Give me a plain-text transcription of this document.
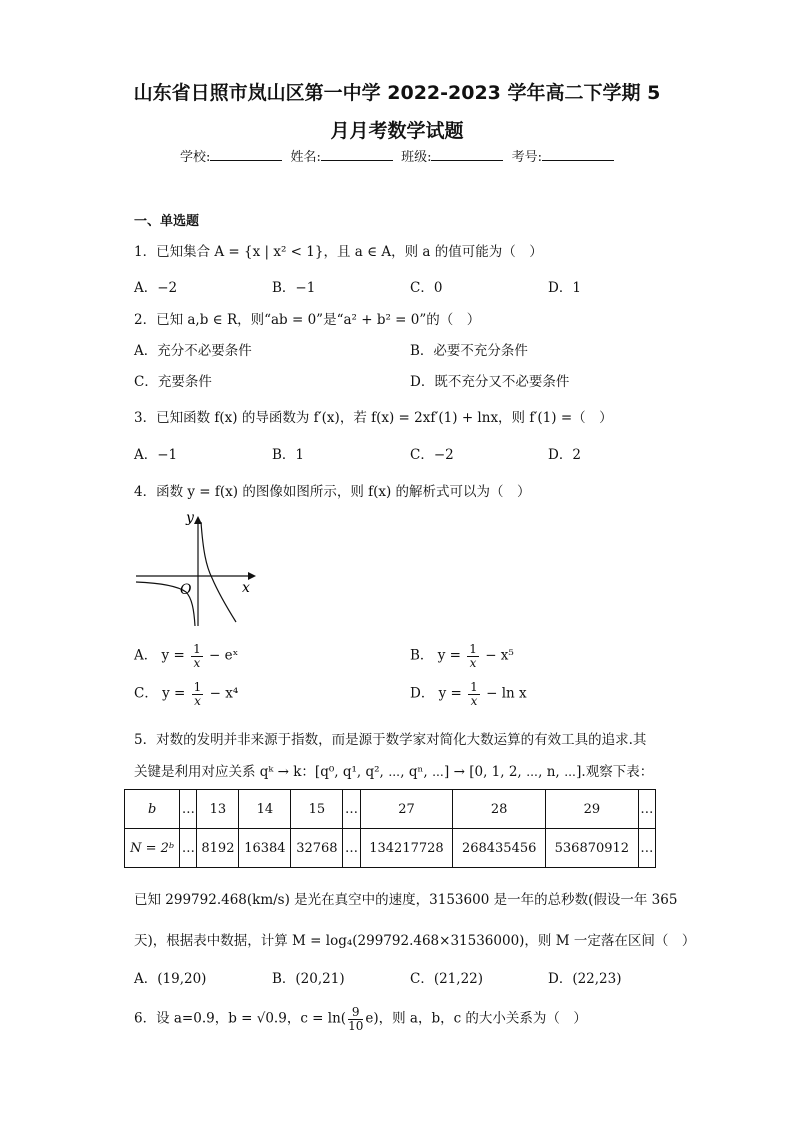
山东省日照市岚山区第一中学 2022-2023 学年高二下学期 5
月月考数学试题
学校:	姓名:	班级:	考号:
一、单选题
1．已知集合 A = {x | x² < 1}，且 a ∈ A，则 a 的值可能为（　）
A．−2	B．−1	C．0	D．1
2．已知 a,b ∈ R，则“ab = 0”是“a² + b² = 0”的（　）
A．充分不必要条件	B．必要不充分条件
C．充要条件	D．既不充分又不必要条件
3．已知函数 f(x) 的导函数为 f′(x)，若 f(x) = 2xf′(1) + lnx，则 f′(1) =（　）
A．−1	B．1	C．−2	D．2
4．函数 y = f(x) 的图像如图所示，则 f(x) 的解析式可以为（　）
y
x
O
A． $y = \frac{1}{x}$ − eˣ	B． $y = \frac{1}{x} - x^5$
C． $y = \frac{1}{x} - x^4$	D． $y = \frac{1}{x} - \ln x$
5．对数的发明并非来源于指数，而是源于数学家对简化大数运算的有效工具的追求.其
关键是利用对应关系 qᵏ → k：[q⁰, q¹, q², ⋯, qⁿ, ⋯] → [0, 1, 2, ⋯, n, ⋯].观察下表：
b	…	13	14	15	…	27	28	29	…
N = 2ᵇ	…	8192	16384	32768	…	134217728	268435456	536870912	…
已知 299792.468(km/s) 是光在真空中的速度，3153600 是一年的总秒数(假设一年 365
天)，根据表中数据，计算 M = log₄(299792.468×31536000)，则 M 一定落在区间（　）
A．(19,20)	B．(20,21)	C．(21,22)	D．(22,23)
6．设 a=0.9，b = √0.9，$c = \ln( \frac{9}{10} e)$，则 a，b，c 的大小关系为（　）
